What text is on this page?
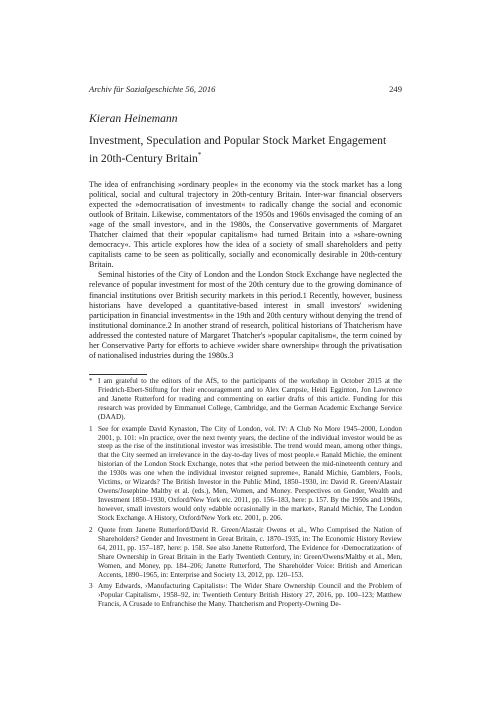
Archiv für Sozialgeschichte 56, 2016	249
Kieran Heinemann
Investment, Speculation and Popular Stock Market Engagement
in 20th-Century Britain*

The idea of enfranchising »ordinary people« in the economy via the stock market has a long political, social and cultural trajectory in 20th-century Britain. Inter-war financial observers expected the »democratisation of investment« to radically change the social and economic outlook of Britain. Likewise, commentators of the 1950s and 1960s envisaged the coming of an »age of the small investor«, and in the 1980s, the Conservative governments of Margaret Thatcher claimed that their »popular capitalism« had turned Britain into a »share-owning democracy«. This article explores how the idea of a society of small shareholders and petty capitalists came to be seen as politically, socially and economically desirable in 20th-century Britain.

Seminal histories of the City of London and the London Stock Exchange have neglected the relevance of popular investment for most of the 20th century due to the growing dominance of financial institutions over British security markets in this period.1 Recently, however, business historians have developed a quantitative-based interest in small investors' »widening participation in financial investments« in the 19th and 20th century without denying the trend of institutional dominance.2 In another strand of research, political historians of Thatcherism have addressed the contested nature of Margaret Thatcher's »popular capitalism«, the term coined by her Conservative Party for efforts to achieve »wider share ownership« through the privatisation of nationalised industries during the 1980s.3

* I am grateful to the editors of the AfS, to the participants of the workshop in October 2015 at the Friedrich-Ebert-Stiftung for their encouragement and to Alex Campsie, Heidi Egginton, Jon Lawrence and Janette Rutterford for reading and commenting on earlier drafts of this article. Funding for this research was provided by Emmanuel College, Cambridge, and the German Academic Exchange Service (DAAD).
1 See for example David Kynaston, The City of London, vol. IV: A Club No More 1945–2000, London 2001, p. 101: »In practice, over the next twenty years, the decline of the individual investor would be as steep as the rise of the institutional investor was irresistible. The trend would mean, among other things, that the City seemed an irrelevance in the day-to-day lives of most people.« Ranald Michie, the eminent historian of the London Stock Exchange, notes that »the period between the mid-nineteenth century and the 1930s was one when the individual investor reigned supreme«, Ranald Michie, Gamblers, Fools, Victims, or Wizards? The British Investor in the Public Mind, 1850–1930, in: David R. Green/Alastair Owens/Josephine Maltby et al. (eds.), Men, Women, and Money. Perspectives on Gender, Wealth and Investment 1850–1930, Oxford/New York etc. 2011, pp. 156–183, here: p. 157. By the 1950s and 1960s, however, small investors would only »dabble occasionally in the market«, Ranald Michie, The London Stock Exchange. A History, Oxford/New York etc. 2001, p. 206.
2 Quote from Janette Rutterford/David R. Green/Alastair Owens et al., Who Comprised the Nation of Shareholders? Gender and Investment in Great Britain, c. 1870–1935, in: The Economic History Review 64, 2011, pp. 157–187, here: p. 158. See also Janette Rutterford, The Evidence for ›Democratization‹ of Share Ownership in Great Britain in the Early Twentieth Century, in: Green/Owens/Maltby et al., Men, Women, and Money, pp. 184–206; Janette Rutterford, The Shareholder Voice: British and American Accents, 1890–1965, in: Enterprise and Society 13, 2012, pp. 120–153.
3 Amy Edwards, ›Manufacturing Capitalists‹: The Wider Share Ownership Council and the Problem of ›Popular Capitalism‹, 1958–92, in: Twentieth Century British History 27, 2016, pp. 100–123; Matthew Francis, A Crusade to Enfranchise the Many. Thatcherism and Property-Owning De-
